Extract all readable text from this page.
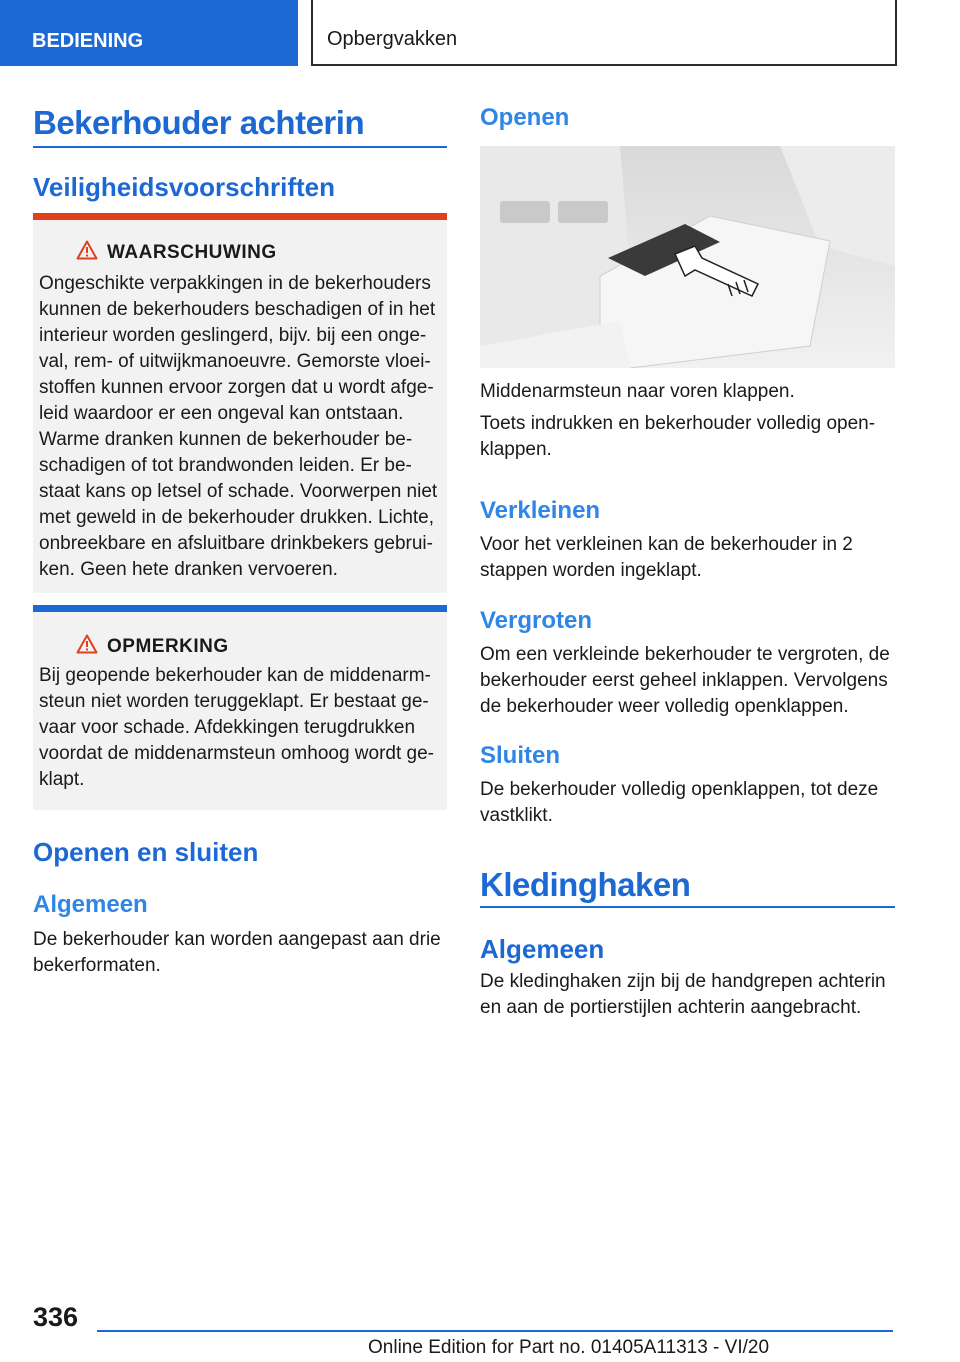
BEDIENING	Opbergvakken
Bekerhouder achterin
Veiligheidsvoorschriften
WAARSCHUWING
Ongeschikte verpakkingen in de bekerhouders kunnen de bekerhouders beschadigen of in het interieur worden geslingerd, bijv. bij een onge-val, rem- of uitwijkmanoeuvre. Gemorste vloei-stoffen kunnen ervoor zorgen dat u wordt afge-leid waardoor er een ongeval kan ontstaan. Warme dranken kunnen de bekerhouder be-schadigen of tot brandwonden leiden. Er be-staat kans op letsel of schade. Voorwerpen niet met geweld in de bekerhouder drukken. Lichte, onbreekbare en afsluitbare drinkbekers gebrui-ken. Geen hete dranken vervoeren.
OPMERKING
Bij geopende bekerhouder kan de middenarm-steun niet worden teruggeklapt. Er bestaat ge-vaar voor schade. Afdekkingen terugdrukken voordat de middenarmsteun omhoog wordt ge-klapt.
Openen en sluiten
Algemeen
De bekerhouder kan worden aangepast aan drie bekerformaten.
Openen
Middenarmsteun naar voren klappen.
Toets indrukken en bekerhouder volledig open-klappen.
Verkleinen
Voor het verkleinen kan de bekerhouder in 2 stappen worden ingeklapt.
Vergroten
Om een verkleinde bekerhouder te vergroten, de bekerhouder eerst geheel inklappen. Vervolgens de bekerhouder weer volledig openklappen.
Sluiten
De bekerhouder volledig openklappen, tot deze vastklikt.
Kledinghaken
Algemeen
De kledinghaken zijn bij de handgrepen achterin en aan de portierstijlen achterin aangebracht.
336
Online Edition for Part no. 01405A11313 - VI/20
